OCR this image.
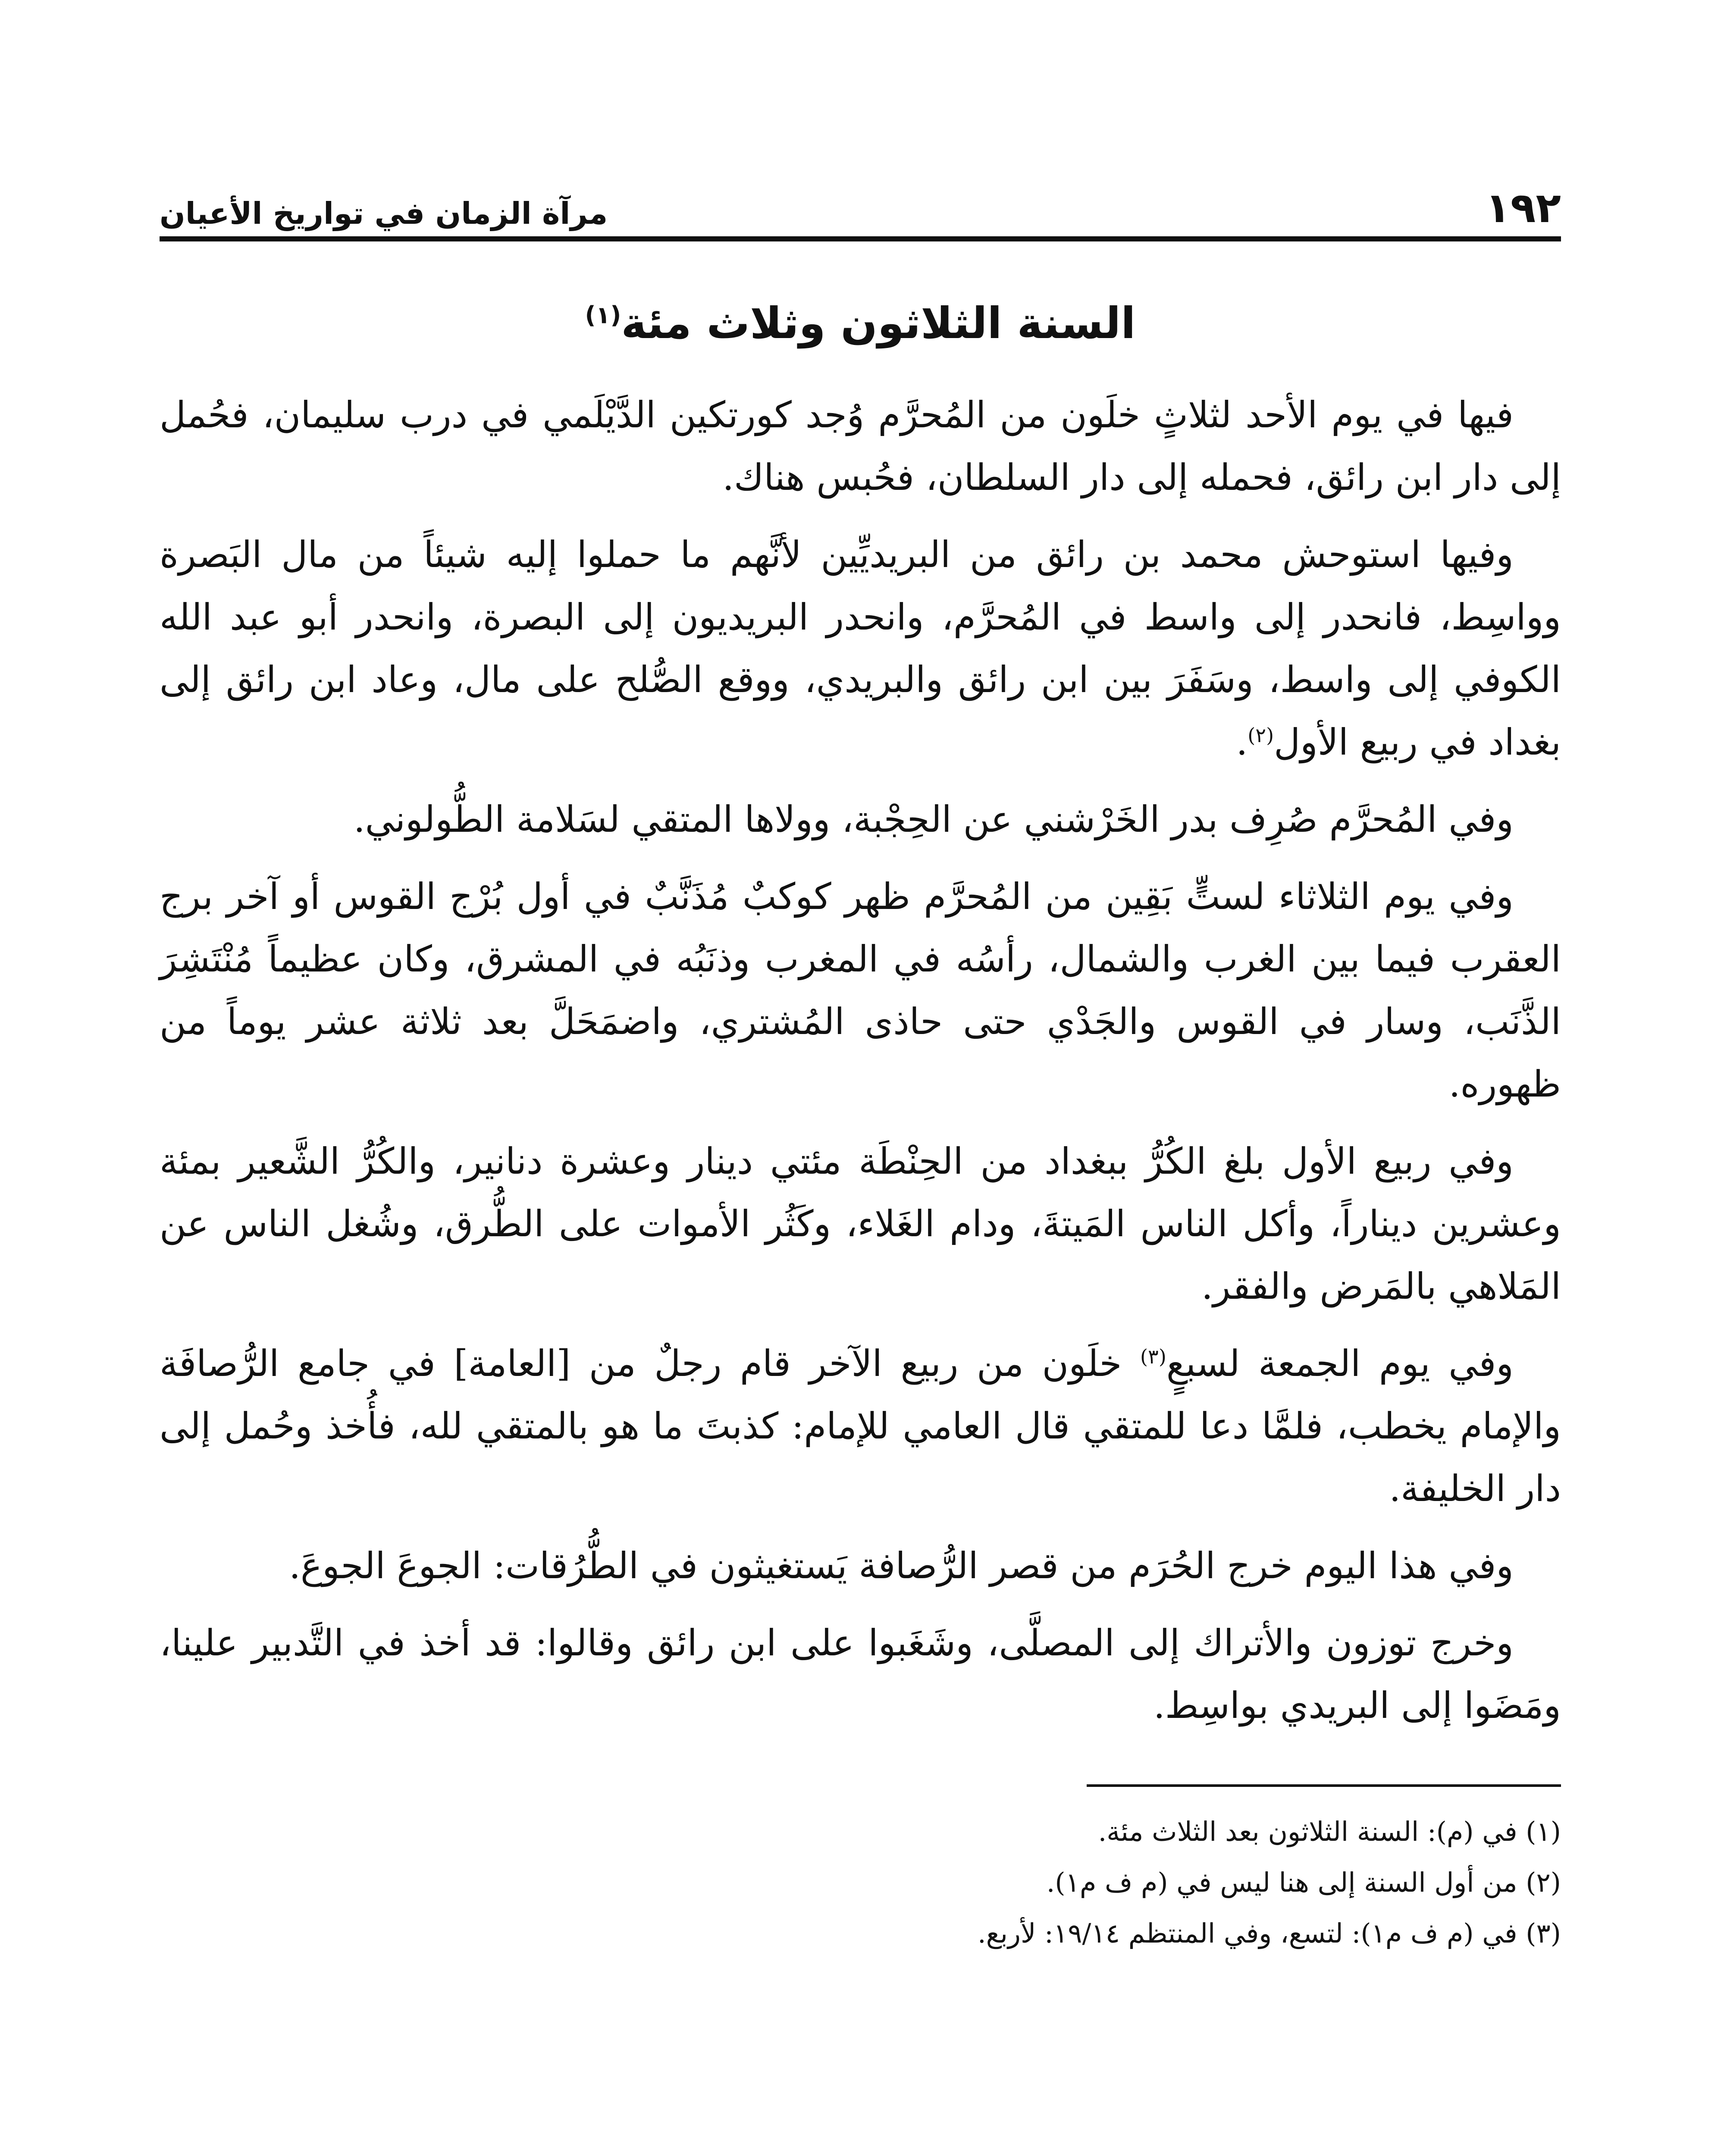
١٩٢
مرآة الزمان في تواريخ الأعيان
السنة الثلاثون وثلاث مئة$^{(١)}$

فيها في يوم الأحد لثلاثٍ خلَون من المُحرَّم وُجد كورتكين الدَّيْلَمي في درب سليمان، فحُمل إلى دار ابن رائق، فحمله إلى دار السلطان، فحُبس هناك.

وفيها استوحش محمد بن رائق من البريديِّين لأنَّهم ما حملوا إليه شيئاً من مال البَصرة وواسِط، فانحدر إلى واسط في المُحرَّم، وانحدر البريديون إلى البصرة، وانحدر أبو عبد الله الكوفي إلى واسط، وسَفَرَ بين ابن رائق والبريدي، ووقع الصُّلح على مال، وعاد ابن رائق إلى بغداد في ربيع الأول$^{(٢)}$.

وفي المُحرَّم صُرِف بدر الخَرْشني عن الحِجْبة، وولاها المتقي لسَلامة الطُّولوني.

وفي يوم الثلاثاء لستٍّ بَقِين من المُحرَّم ظهر كوكبٌ مُذَنَّبٌ في أول بُرْج القوس أو آخر برج العقرب فيما بين الغرب والشمال، رأسُه في المغرب وذنَبُه في المشرق، وكان عظيماً مُنْتَشِرَ الذَّنَب، وسار في القوس والجَدْي حتى حاذى المُشتري، واضمَحَلَّ بعد ثلاثة عشر يوماً من ظهوره.

وفي ربيع الأول بلغ الكُرُّ ببغداد من الحِنْطَة مئتي دينار وعشرة دنانير، والكُرُّ الشَّعير بمئة وعشرين ديناراً، وأكل الناس المَيتةَ، ودام الغَلاء، وكَثُر الأموات على الطُّرق، وشُغل الناس عن المَلاهي بالمَرض والفقر.

وفي يوم الجمعة لسبعٍ$^{(٣)}$ خلَون من ربيع الآخر قام رجلٌ من [العامة] في جامع الرُّصافَة والإمام يخطب، فلمَّا دعا للمتقي قال العامي للإمام: كذبتَ ما هو بالمتقي لله، فأُخذ وحُمل إلى دار الخليفة.

وفي هذا اليوم خرج الحُرَم من قصر الرُّصافة يَستغيثون في الطُّرُقات: الجوعَ الجوعَ.

وخرج توزون والأتراك إلى المصلَّى، وشَغَبوا على ابن رائق وقالوا: قد أخذ في التَّدبير علينا، ومَضَوا إلى البريدي بواسِط.

(١) في (م): السنة الثلاثون بعد الثلاث مئة.

(٢) من أول السنة إلى هنا ليس في (م ف م١).

(٣) في (م ف م١): لتسع، وفي المنتظم ١٩/١٤: لأربع.
